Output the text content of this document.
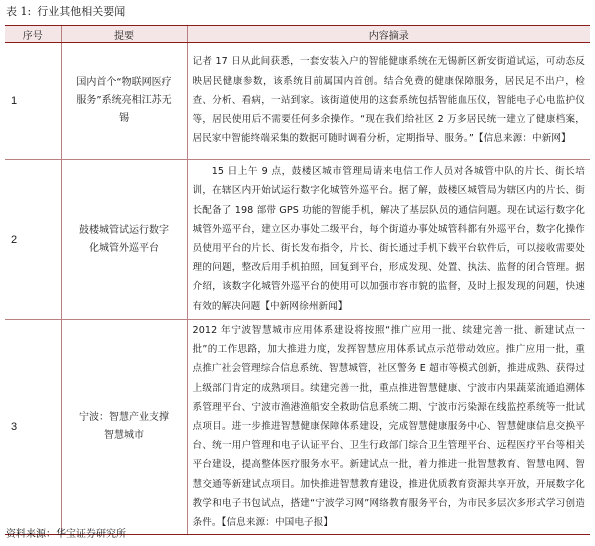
表 1: 行业其他相关要闻
序号	提要	内容摘录
1	国内首个“物联网医疗服务”系统亮相江苏无锡	记者 17 日从此间获悉，一套安装入户的智能健康系统在无锡新区新安街道试运，可动态反映居民健康参数，该系统目前属国内首创。结合免费的健康保障服务，居民足不出户，检查、分析、看病，一站到家。该街道使用的这套系统包括智能血压仪，智能电子心电监护仪等，居民使用后不需要任何多余操作。“现在我们给社区 2 万多居民统一建立了健康档案，居民家中智能终端采集的数据可随时调看分析，定期指导、服务。”【信息来源：中新网】
2	鼓楼城管试运行数字化城管外巡平台	15 日上午 9 点，鼓楼区城市管理局请来电信工作人员对各城管中队的片长、街长培训，在辖区内开始试运行数字化城管外巡平台。据了解，鼓楼区城管局为辖区内的片长、街长配备了 198 部带 GPS 功能的智能手机，解决了基层队员的通信问题。现在试运行数字化城管外巡平台，建立区办事处二级平台，每个街道办事处城管科都有外巡平台，数字化操作员使用平台的片长、街长发布指令，片长、街长通过手机下载平台软件后，可以接收需要处理的问题，整改后用手机拍照，回复到平台，形成发现、处置、执法、监督的闭合管理。据介绍，该数字化城管外巡平台的使用可以加强市容市貌的监督，及时上报发现的问题，快速有效的解决问题【中新网徐州新闻】
3	宁波：智慧产业支撑智慧城市	2012 年宁波智慧城市应用体系建设将按照“推广应用一批、续建完善一批、新建试点一批”的工作思路，加大推进力度，发挥智慧应用体系试点示范带动效应。推广应用一批，重点推广社会管理综合信息系统、智慧城管，社区警务 E 超市等模式创新，推进成熟、获得过上级部门肯定的成熟项目。续建完善一批，重点推进智慧健康、宁波市内果蔬菜流通追溯体系管理平台、宁波市渔港渔船安全救助信息系统二期、宁波市污染源在线监控系统等一批试点项目。进一步推进智慧健康保障体系建设，完成智慧健康服务中心、智慧健康信息交换平台、统一用户管理和电子认证平台、卫生行政部门综合卫生管理平台、远程医疗平台等相关平台建设，提高整体医疗服务水平。新建试点一批，着力推进一批智慧教育、智慧电网、智慧交通等新建试点项目。加快推进智慧教育建设，推进优质教育资源共享开放，开展数字化教学和电子书包试点，搭建“宁波学习网”网络教育服务平台，为市民多层次多形式学习创造条件。【信息来源：中国电子报】
资料来源：华宝证券研究所
